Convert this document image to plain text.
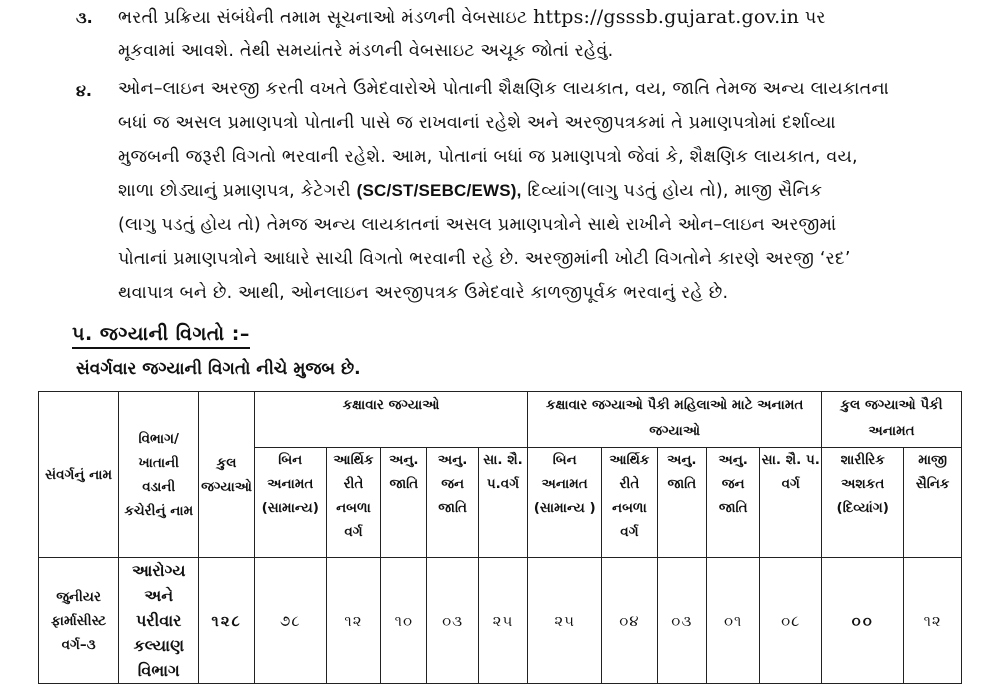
૩. ભરતી પ્રક્રિયા સંબંધેની તમામ સૂચનાઓ મંડળની વેબસાઇટ https://gsssb.gujarat.gov.in પર
મૂકવામાં આવશે. તેથી સમયાંતરે મંડળની વેબસાઇટ અચૂક જોતાં રહેવું.
૪. ઓન–લાઇન અરજી કરતી વખતે ઉમેદવારોએ પોતાની શૈક્ષણિક લાયકાત, વય, જાતિ તેમજ અન્ય લાયકાતના
બધાં જ અસલ પ્રમાણપત્રો પોતાની પાસે જ રાખવાનાં રહેશે અને અરજીપત્રકમાં તે પ્રમાણપત્રોમાં દર્શાવ્યા
મુજબની જરૂરી વિગતો ભરવાની રહેશે. આમ, પોતાનાં બધાં જ પ્રમાણપત્રો જેવાં કે, શૈક્ષણિક લાયકાત, વય,
શાળા છોડ્યાનું પ્રમાણપત્ર, કેટેગરી (SC/ST/SEBC/EWS), દિવ્યાંગ(લાગુ પડતું હોય તો), માજી સૈનિક
(લાગુ પડતું હોય તો) તેમજ અન્ય લાયકાતનાં અસલ પ્રમાણપત્રોને સાથે રાખીને ઓન–લાઇન અરજીમાં
પોતાનાં પ્રમાણપત્રોને આધારે સાચી વિગતો ભરવાની રહે છે. અરજીમાંની ખોટી વિગતોને કારણે અરજી ‘રદ’
થવાપાત્ર બને છે. આથી, ઓનલાઇન અરજીપત્રક ઉમેદવારે કાળજીપૂર્વક ભરવાનું રહે છે.
૫. જગ્યાની વિગતો :–
સંવર્ગવાર જગ્યાની વિગતો નીચે મુજબ છે.
સંવર્ગનું નામ	વિભાગ/ ખાતાની વડાની કચેરીનું નામ	કુલ જગ્યાઓ	કક્ષાવાર જગ્યાઓ					કક્ષાવાર જગ્યાઓ પૈકી મહિલાઓ માટે અનામત જગ્યાઓ					કુલ જગ્યાઓ પૈકી અનામત	
			બિન અનામત (સામાન્ય)	આર્થિક રીતે નબળા વર્ગ	અનુ. જાતિ	અનુ. જન જાતિ	સા. શૈ. પ.વર્ગ	બિન અનામત (સામાન્ય )	આર્થિક રીતે નબળા વર્ગ	અનુ. જાતિ	અનુ. જન જાતિ	સા. શૈ. પ. વર્ગ	શારીરિક અશકત (દિવ્યાંગ)	માજી સૈનિક
જુનીયર ફાર્માસીસ્ટ વર્ગ–૩	આરોગ્ય અને પરીવાર કલ્યાણ વિભાગ	૧૨૮	૭૮	૧૨	૧૦	૦૩	૨૫	૨૫	૦૪	૦૩	૦૧	૦૮	૦૦	૧૨
